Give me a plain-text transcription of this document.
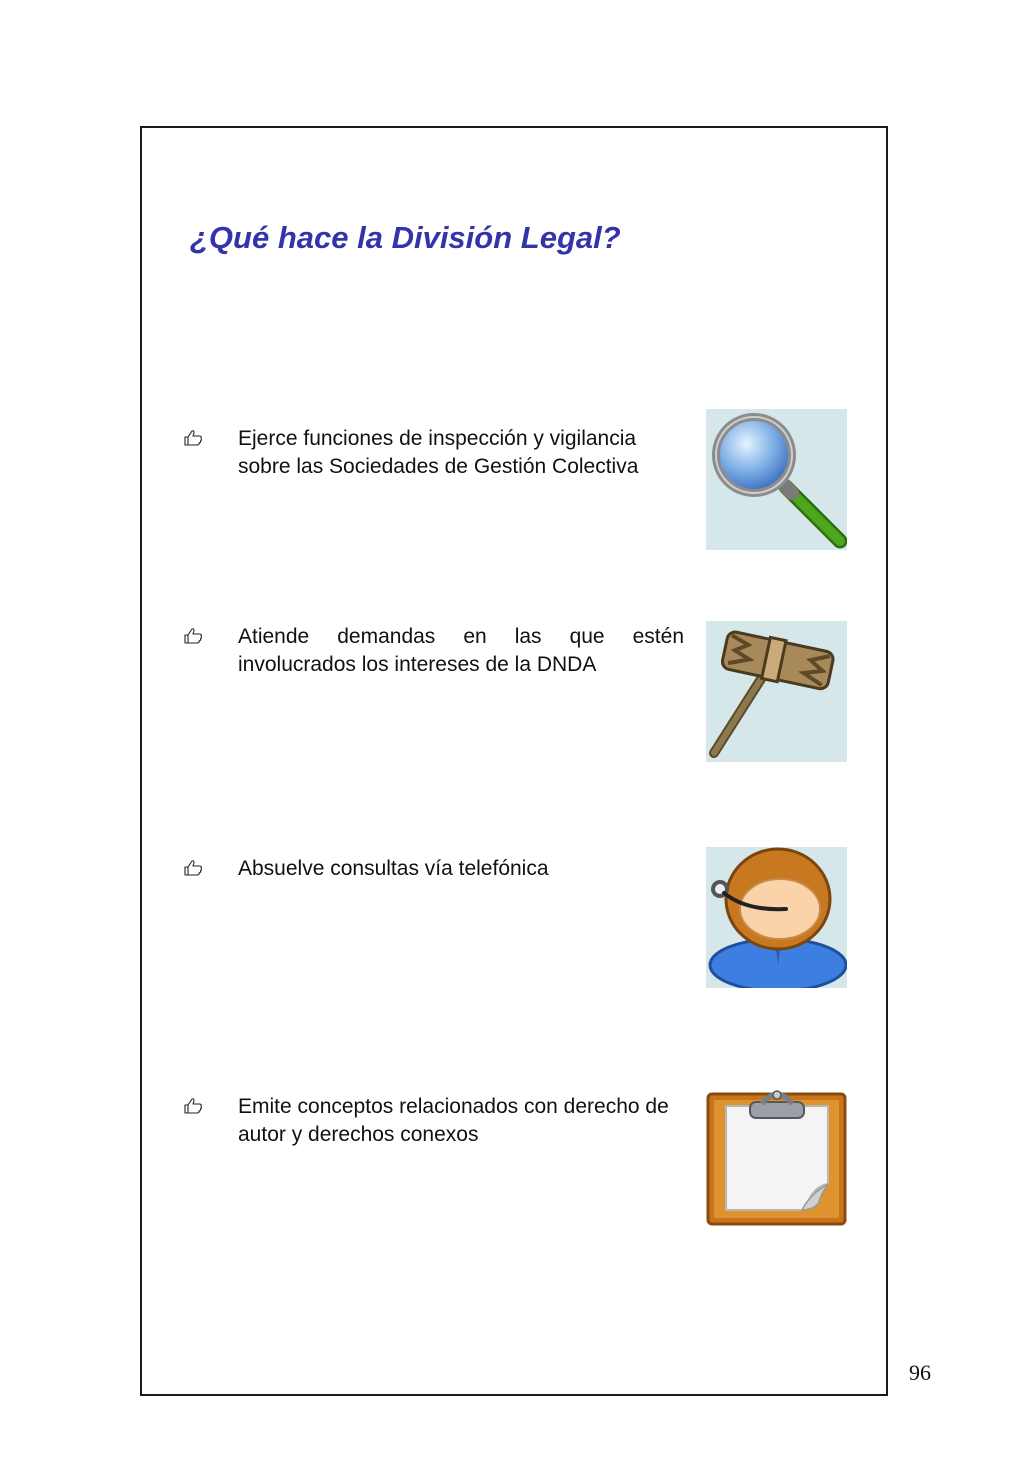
¿Qué hace la División Legal?

Ejerce funciones de inspección y vigilancia sobre las Sociedades de Gestión Colectiva

Atiende demandas en las que estén involucrados los intereses de la DNDA

Absuelve consultas vía telefónica

Emite conceptos relacionados con derecho de autor y derechos conexos

96
